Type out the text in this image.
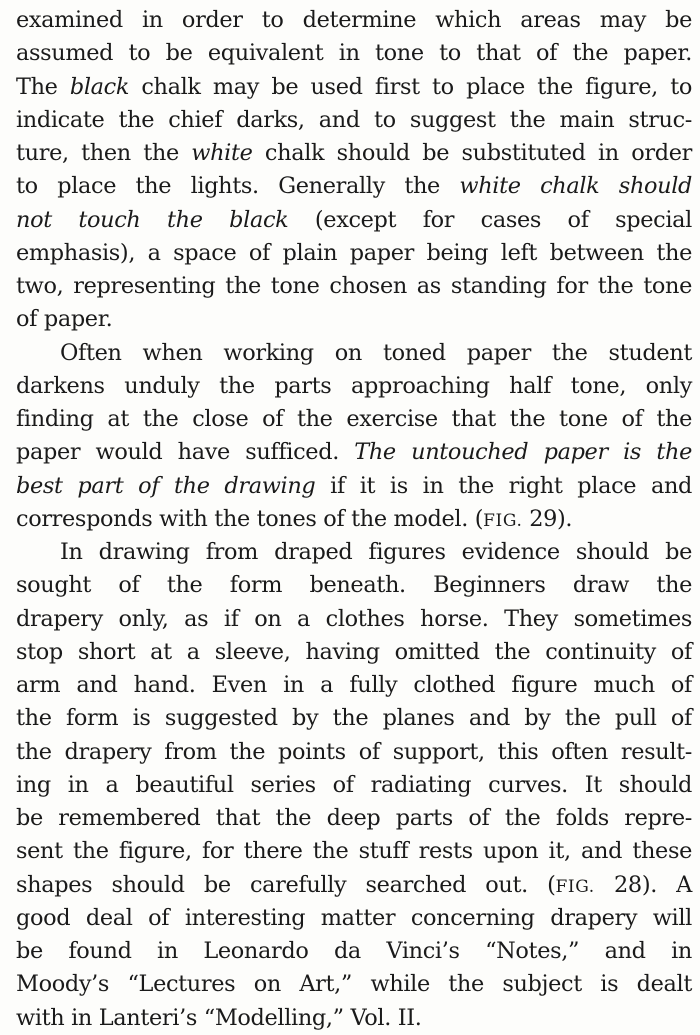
examined in order to determine which areas may be
assumed to be equivalent in tone to that of the paper.
The black chalk may be used first to place the figure, to
indicate the chief darks, and to suggest the main struc-
ture, then the white chalk should be substituted in order
to place the lights. Generally the white chalk should
not touch the black (except for cases of special
emphasis), a space of plain paper being left between the
two, representing the tone chosen as standing for the tone
of paper.
Often when working on toned paper the student
darkens unduly the parts approaching half tone, only
finding at the close of the exercise that the tone of the
paper would have sufficed. The untouched paper is the
best part of the drawing if it is in the right place and
corresponds with the tones of the model. (FIG. 29).
In drawing from draped figures evidence should be
sought of the form beneath. Beginners draw the
drapery only, as if on a clothes horse. They sometimes
stop short at a sleeve, having omitted the continuity of
arm and hand. Even in a fully clothed figure much of
the form is suggested by the planes and by the pull of
the drapery from the points of support, this often result-
ing in a beautiful series of radiating curves. It should
be remembered that the deep parts of the folds repre-
sent the figure, for there the stuff rests upon it, and these
shapes should be carefully searched out. (FIG. 28). A
good deal of interesting matter concerning drapery will
be found in Leonardo da Vinci’s “Notes,” and in
Moody’s “Lectures on Art,” while the subject is dealt
with in Lanteri’s “Modelling,” Vol. II.
